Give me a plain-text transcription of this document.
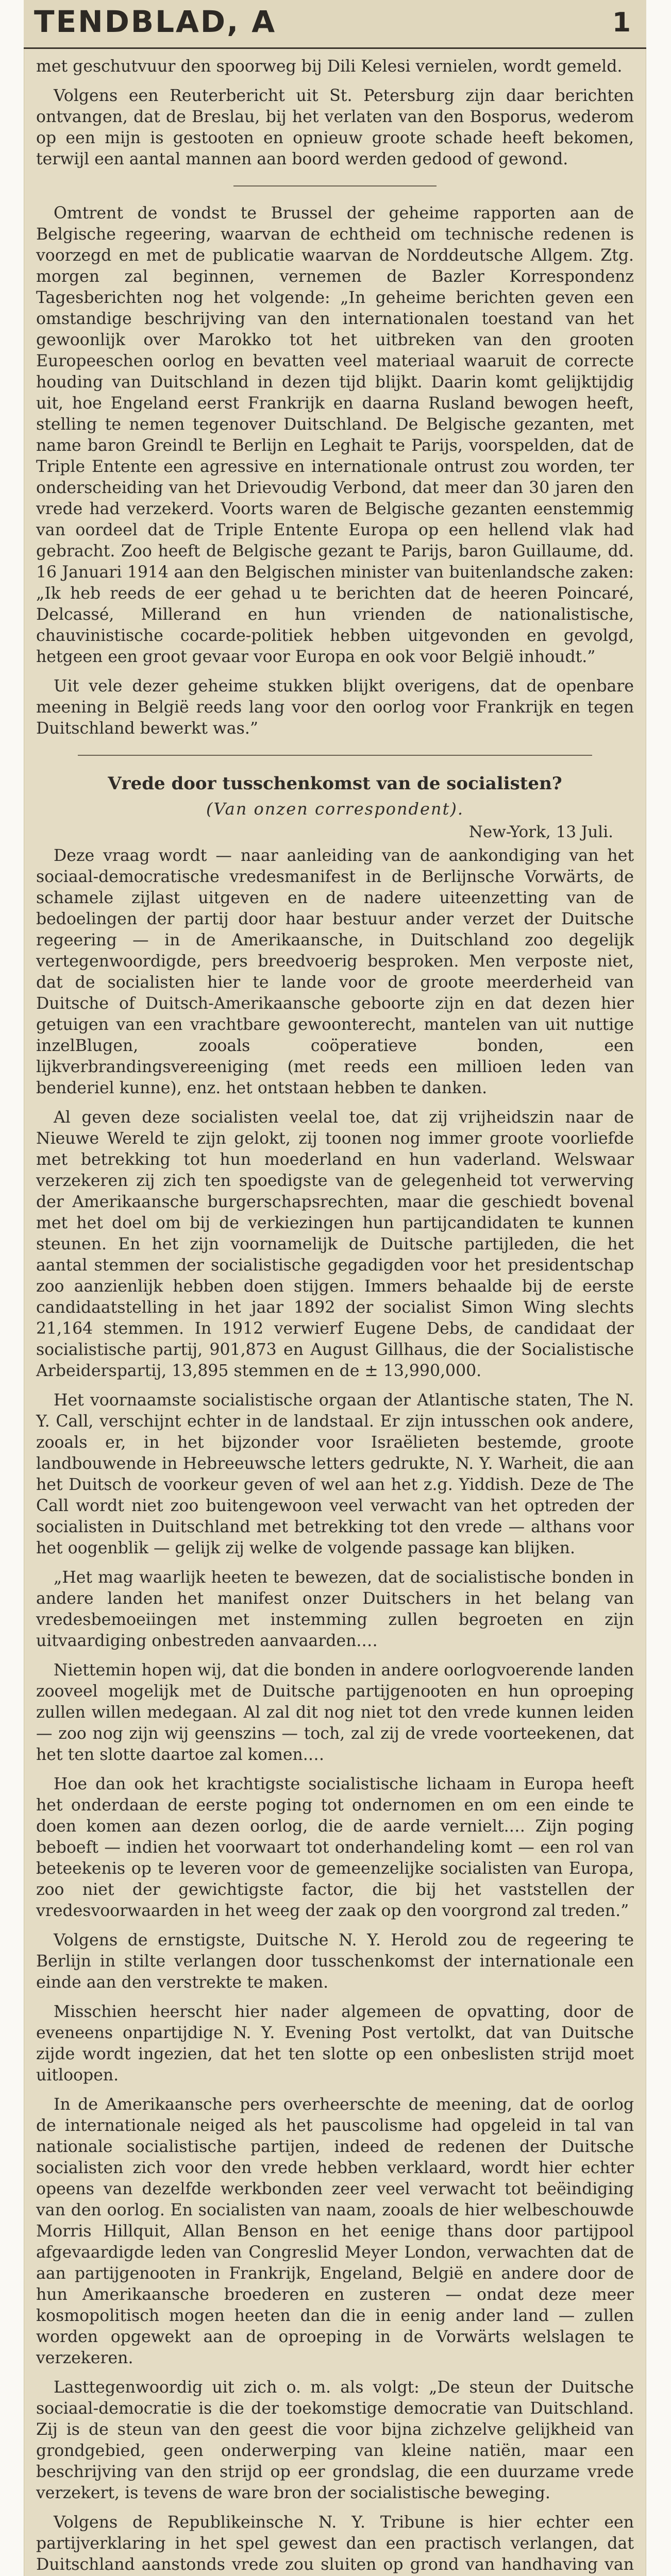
TENDBLAD, A	1

met geschutvuur den spoorweg bij Dili Kelesi vernielen, wordt gemeld.

Volgens een Reuterbericht uit St. Petersburg zijn daar berichten ontvangen, dat de Breslau, bij het verlaten van den Bosporus, wederom op een mijn is gestooten en opnieuw groote schade heeft bekomen, terwijl een aantal mannen aan boord werden gedood of gewond.

Omtrent de vondst te Brussel der geheime rapporten aan de Belgische regeering, waarvan de echtheid om technische redenen is voorzegd en met de publicatie waarvan de Norddeutsche Allgem. Ztg. morgen zal beginnen, vernemen de Bazler Korrespondenz Tagesberichten nog het volgende: „In geheime berichten geven een omstandige beschrijving van den internationalen toestand van het gewoonlijk over Marokko tot het uitbreken van den grooten Europeeschen oorlog en bevatten veel materiaal waaruit de correcte houding van Duitschland in dezen tijd blijkt. Daarin komt gelijktijdig uit, hoe Engeland eerst Frankrijk en daarna Rusland bewogen heeft, stelling te nemen tegenover Duitschland. De Belgische gezanten, met name baron Greindl te Berlijn en Leghait te Parijs, voorspelden, dat de Triple Entente een agressive en internationale ontrust zou worden, ter onderscheiding van het Drievoudig Verbond, dat meer dan 30 jaren den vrede had verzekerd. Voorts waren de Belgische gezanten eenstemmig van oordeel dat de Triple Entente Europa op een hellend vlak had gebracht. Zoo heeft de Belgische gezant te Parijs, baron Guillaume, dd. 16 Januari 1914 aan den Belgischen minister van buitenlandsche zaken: „Ik heb reeds de eer gehad u te berichten dat de heeren Poincaré, Delcassé, Millerand en hun vrienden de nationalistische, chauvinistische cocarde-politiek hebben uitgevonden en gevolgd, hetgeen een groot gevaar voor Europa en ook voor België inhoudt.”

Uit vele dezer geheime stukken blijkt overigens, dat de openbare meening in België reeds lang voor den oorlog voor Frankrijk en tegen Duitschland bewerkt was.”

Vrede door tusschenkomst van de socialisten?
(Van onzen correspondent).
New-York, 13 Juli.

Deze vraag wordt — naar aanleiding van de aankondiging van het sociaal-democratische vredesmanifest in de Berlijnsche Vorwärts, de schamele zijlast uitgeven en de nadere uiteenzetting van de bedoelingen der partij door haar bestuur ander verzet der Duitsche regeering — in de Amerikaansche, in Duitschland zoo degelijk vertegenwoordigde, pers breedvoerig besproken. Men verposte niet, dat de socialisten hier te lande voor de groote meerderheid van Duitsche of Duitsch-Amerikaansche geboorte zijn en dat dezen hier getuigen van een vrachtbare gewoonterecht, mantelen van uit nuttige inzelBlugen, zooals coöperatieve bonden, een lijkverbrandingsvereeniging (met reeds een millioen leden van benderiel kunne), enz. het ontstaan hebben te danken.

Al geven deze socialisten veelal toe, dat zij vrijheidszin naar de Nieuwe Wereld te zijn gelokt, zij toonen nog immer groote voorliefde met betrekking tot hun moederland en hun vaderland. Welswaar verzekeren zij zich ten spoedigste van de gelegenheid tot verwerving der Amerikaansche burgerschapsrechten, maar die geschiedt bovenal met het doel om bij de verkiezingen hun partijcandidaten te kunnen steunen. En het zijn voornamelijk de Duitsche partijleden, die het aantal stemmen der socialistische gegadigden voor het presidentschap zoo aanzienlijk hebben doen stijgen. Immers behaalde bij de eerste candidaatstelling in het jaar 1892 der socialist Simon Wing slechts 21,164 stemmen. In 1912 verwierf Eugene Debs, de candidaat der socialistische partij, 901,873 en August Gillhaus, die der Socialistische Arbeiderspartij, 13,895 stemmen en de ± 13,990,000.

Het voornaamste socialistische orgaan der Atlantische staten, The N. Y. Call, verschijnt echter in de landstaal. Er zijn intusschen ook andere, zooals er, in het bijzonder voor Israëlieten bestemde, groote landbouwende in Hebreeuwsche letters gedrukte, N. Y. Warheit, die aan het Duitsch de voorkeur geven of wel aan het z.g. Yiddish. Deze de The Call wordt niet zoo buitengewoon veel verwacht van het optreden der socialisten in Duitschland met betrekking tot den vrede — althans voor het oogenblik — gelijk zij welke de volgende passage kan blijken.

„Het mag waarlijk heeten te bewezen, dat de socialistische bonden in andere landen het manifest onzer Duitschers in het belang van vredesbemoeiingen met instemming zullen begroeten en zijn uitvaardiging onbestreden aanvaarden.…

Niettemin hopen wij, dat die bonden in andere oorlogvoerende landen zooveel mogelijk met de Duitsche partijgenooten en hun oproeping zullen willen medegaan. Al zal dit nog niet tot den vrede kunnen leiden — zoo nog zijn wij geenszins — toch, zal zij de vrede voorteekenen, dat het ten slotte daartoe zal komen.…

Hoe dan ook het krachtigste socialistische lichaam in Europa heeft het onderdaan de eerste poging tot ondernomen en om een einde te doen komen aan dezen oorlog, die de aarde vernielt.… Zijn poging beboeft — indien het voorwaart tot onderhandeling komt — een rol van beteekenis op te leveren voor de gemeenzelijke socialisten van Europa, zoo niet der gewichtigste factor, die bij het vaststellen der vredesvoorwaarden in het weeg der zaak op den voorgrond zal treden.”

Volgens de ernstigste, Duitsche N. Y. Herold zou de regeering te Berlijn in stilte verlangen door tusschenkomst der internationale een einde aan den verstrekte te maken.

Misschien heerscht hier nader algemeen de opvatting, door de eveneens onpartijdige N. Y. Evening Post vertolkt, dat van Duitsche zijde wordt ingezien, dat het ten slotte op een onbeslisten strijd moet uitloopen.

In de Amerikaansche pers overheerschte de meening, dat de oorlog de internationale neiged als het pauscolisme had opgeleid in tal van nationale socialistische partijen, indeed de redenen der Duitsche socialisten zich voor den vrede hebben verklaard, wordt hier echter opeens van dezelfde werkbonden zeer veel verwacht tot beëindiging van den oorlog. En socialisten van naam, zooals de hier welbeschouwde Morris Hillquit, Allan Benson en het eenige thans door partijpool afgevaardigde leden van Congreslid Meyer London, verwachten dat de aan partijgenooten in Frankrijk, Engeland, België en andere door de hun Amerikaansche broederen en zusteren — ondat deze meer kosmopolitisch mogen heeten dan die in eenig ander land — zullen worden opgewekt aan de oproeping in de Vorwärts welslagen te verzekeren.

Lasttegenwoordig uit zich o. m. als volgt: „De steun der Duitsche sociaal-democratie is die der toekomstige democratie van Duitschland. Zij is de steun van den geest die voor bijna zichzelve gelijkheid van grondgebied, geen onderwerping van kleine natiën, maar een beschrijving van den strijd op eer grondslag, die een duurzame vrede verzekert, is tevens de ware bron der socialistische beweging.

Volgens de Republikeinsche N. Y. Tribune is hier echter een partijverklaring in het spel gewest dan een practisch verlangen, dat Duitschland aanstonds vrede zou sluiten op grond van handhaving van
